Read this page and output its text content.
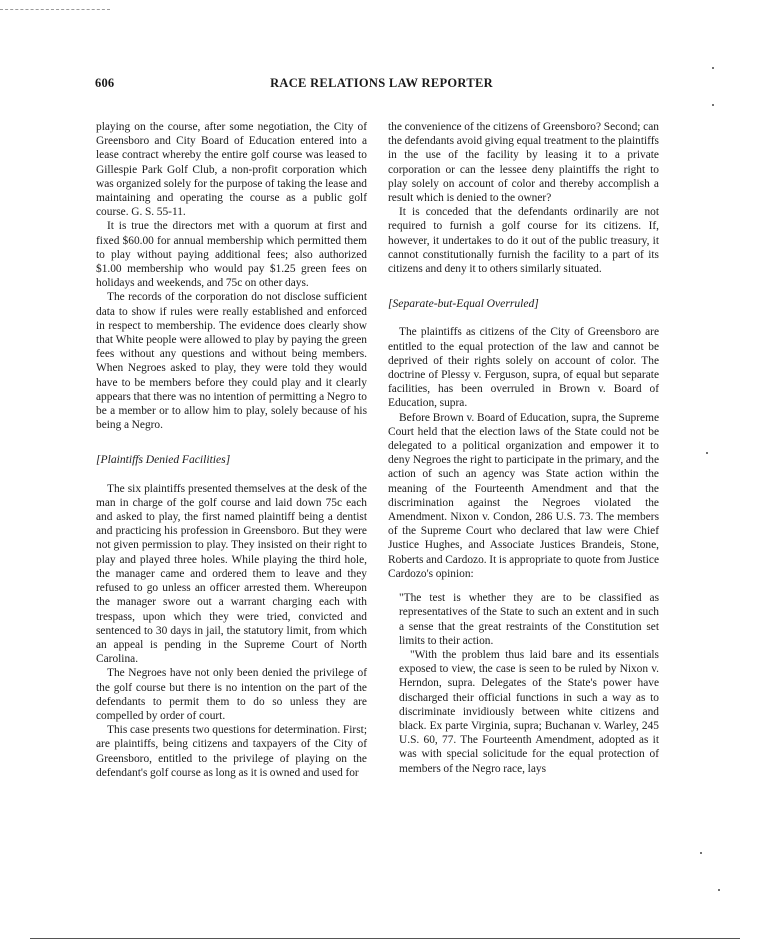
606	RACE RELATIONS LAW REPORTER

playing on the course, after some negotiation, the City of Greensboro and City Board of Education entered into a lease contract whereby the entire golf course was leased to Gillespie Park Golf Club, a non-profit corporation which was organized solely for the purpose of taking the lease and maintaining and operating the course as a public golf course. G. S. 55-11.

It is true the directors met with a quorum at first and fixed $60.00 for annual membership which permitted them to play without paying additional fees; also authorized $1.00 membership who would pay $1.25 green fees on holidays and weekends, and 75c on other days.

The records of the corporation do not disclose sufficient data to show if rules were really established and enforced in respect to membership. The evidence does clearly show that White people were allowed to play by paying the green fees without any questions and without being members. When Negroes asked to play, they were told they would have to be members before they could play and it clearly appears that there was no intention of permitting a Negro to be a member or to allow him to play, solely because of his being a Negro.

[Plaintiffs Denied Facilities]

The six plaintiffs presented themselves at the desk of the man in charge of the golf course and laid down 75c each and asked to play, the first named plaintiff being a dentist and practicing his profession in Greensboro. But they were not given permission to play. They insisted on their right to play and played three holes. While playing the third hole, the manager came and ordered them to leave and they refused to go unless an officer arrested them. Whereupon the manager swore out a warrant charging each with trespass, upon which they were tried, convicted and sentenced to 30 days in jail, the statutory limit, from which an appeal is pending in the Supreme Court of North Carolina.

The Negroes have not only been denied the privilege of the golf course but there is no intention on the part of the defendants to permit them to do so unless they are compelled by order of court.

This case presents two questions for determination. First; are plaintiffs, being citizens and taxpayers of the City of Greensboro, entitled to the privilege of playing on the defendant's golf course as long as it is owned and used for

the convenience of the citizens of Greensboro? Second; can the defendants avoid giving equal treatment to the plaintiffs in the use of the facility by leasing it to a private corporation or can the lessee deny plaintiffs the right to play solely on account of color and thereby accomplish a result which is denied to the owner?

It is conceded that the defendants ordinarily are not required to furnish a golf course for its citizens. If, however, it undertakes to do it out of the public treasury, it cannot constitutionally furnish the facility to a part of its citizens and deny it to others similarly situated.

[Separate-but-Equal Overruled]

The plaintiffs as citizens of the City of Greensboro are entitled to the equal protection of the law and cannot be deprived of their rights solely on account of color. The doctrine of Plessy v. Ferguson, supra, of equal but separate facilities, has been overruled in Brown v. Board of Education, supra.

Before Brown v. Board of Education, supra, the Supreme Court held that the election laws of the State could not be delegated to a political organization and empower it to deny Negroes the right to participate in the primary, and the action of such an agency was State action within the meaning of the Fourteenth Amendment and that the discrimination against the Negroes violated the Amendment. Nixon v. Condon, 286 U.S. 73. The members of the Supreme Court who declared that law were Chief Justice Hughes, and Associate Justices Brandeis, Stone, Roberts and Cardozo. It is appropriate to quote from Justice Cardozo's opinion:

"The test is whether they are to be classified as representatives of the State to such an extent and in such a sense that the great restraints of the Constitution set limits to their action.

"With the problem thus laid bare and its essentials exposed to view, the case is seen to be ruled by Nixon v. Herndon, supra. Delegates of the State's power have discharged their official functions in such a way as to discriminate invidiously between white citizens and black. Ex parte Virginia, supra; Buchanan v. Warley, 245 U.S. 60, 77. The Fourteenth Amendment, adopted as it was with special solicitude for the equal protection of members of the Negro race, lays
